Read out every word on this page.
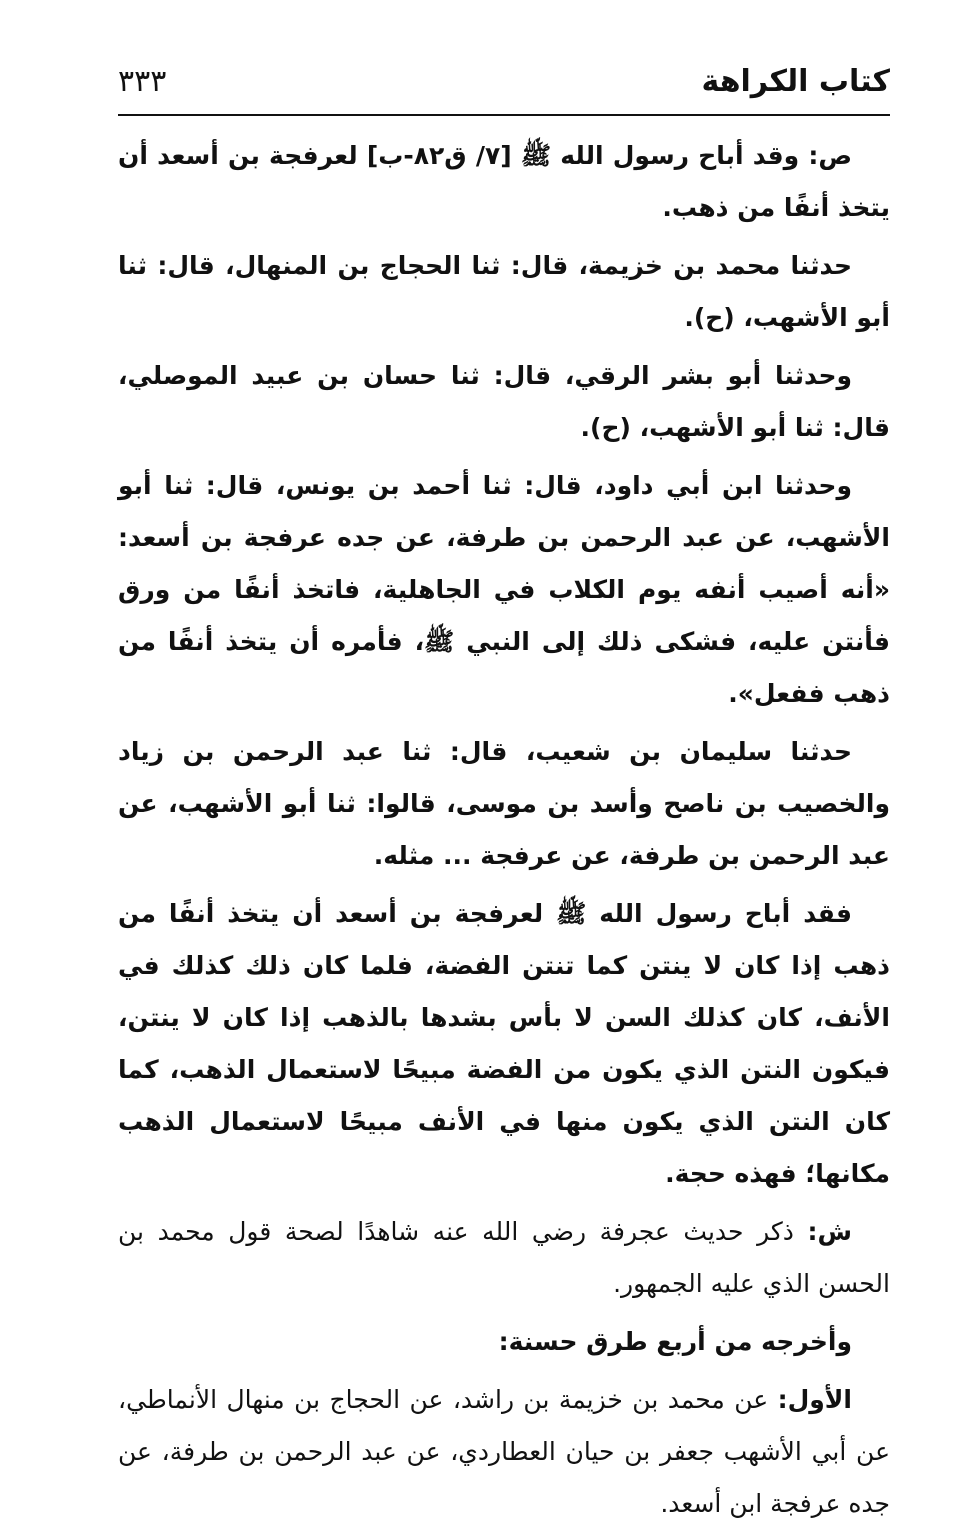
كتاب الكراهة
٣٣٣

ص: وقد أباح رسول الله ﷺ [٧/ ق٨٢-ب] لعرفجة بن أسعد أن يتخذ أنفًا من ذهب.

حدثنا محمد بن خزيمة، قال: ثنا الحجاج بن المنهال، قال: ثنا أبو الأشهب، (ح).

وحدثنا أبو بشر الرقي، قال: ثنا حسان بن عبيد الموصلي، قال: ثنا أبو الأشهب، (ح).

وحدثنا ابن أبي داود، قال: ثنا أحمد بن يونس، قال: ثنا أبو الأشهب، عن عبد الرحمن بن طرفة، عن جده عرفجة بن أسعد: «أنه أصيب أنفه يوم الكلاب في الجاهلية، فاتخذ أنفًا من ورق فأنتن عليه، فشكى ذلك إلى النبي ﷺ، فأمره أن يتخذ أنفًا من ذهب ففعل».

حدثنا سليمان بن شعيب، قال: ثنا عبد الرحمن بن زياد والخصيب بن ناصح وأسد بن موسى، قالوا: ثنا أبو الأشهب، عن عبد الرحمن بن طرفة، عن عرفجة ... مثله.

فقد أباح رسول الله ﷺ لعرفجة بن أسعد أن يتخذ أنفًا من ذهب إذا كان لا ينتن كما تنتن الفضة، فلما كان ذلك كذلك في الأنف، كان كذلك السن لا بأس بشدها بالذهب إذا كان لا ينتن، فيكون النتن الذي يكون من الفضة مبيحًا لاستعمال الذهب، كما كان النتن الذي يكون منها في الأنف مبيحًا لاستعمال الذهب مكانها؛ فهذه حجة.

ش: ذكر حديث عجرفة رضي الله عنه شاهدًا لصحة قول محمد بن الحسن الذي عليه الجمهور.

وأخرجه من أربع طرق حسنة:

الأول: عن محمد بن خزيمة بن راشد، عن الحجاج بن منهال الأنماطي، عن أبي الأشهب جعفر بن حيان العطاردي، عن عبد الرحمن بن طرفة، عن جده عرفجة ابن أسعد.
